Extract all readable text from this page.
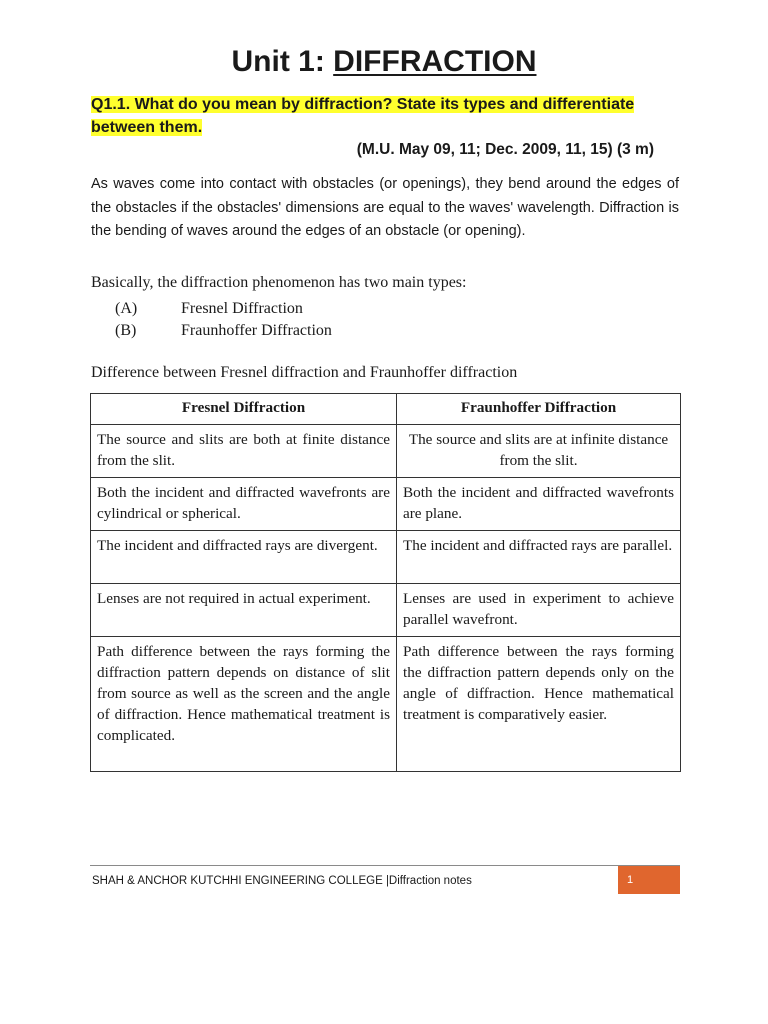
Unit 1: DIFFRACTION
Q1.1. What do you mean by diffraction? State its types and differentiate between them.
(M.U. May 09, 11; Dec. 2009, 11, 15) (3 m)
As waves come into contact with obstacles (or openings), they bend around the edges of the obstacles if the obstacles' dimensions are equal to the waves' wavelength. Diffraction is the bending of waves around the edges of an obstacle (or opening).
Basically, the diffraction phenomenon has two main types:
(A)	Fresnel Diffraction
(B)	Fraunhoffer Diffraction
Difference between Fresnel diffraction and Fraunhoffer diffraction
Fresnel Diffraction	Fraunhoffer Diffraction
The source and slits are both at finite distance from the slit.	The source and slits are at infinite distance from the slit.
Both the incident and diffracted wavefronts are cylindrical or spherical.	Both the incident and diffracted wavefronts are plane.
The incident and diffracted rays are divergent.	The incident and diffracted rays are parallel.
Lenses are not required in actual experiment.	Lenses are used in experiment to achieve parallel wavefront.
Path difference between the rays forming the diffraction pattern depends on distance of slit from source as well as the screen and the angle of diffraction. Hence mathematical treatment is complicated.	Path difference between the rays forming the diffraction pattern depends only on the angle of diffraction. Hence mathematical treatment is comparatively easier.
SHAH & ANCHOR KUTCHHI ENGINEERING COLLEGE |Diffraction notes	1
